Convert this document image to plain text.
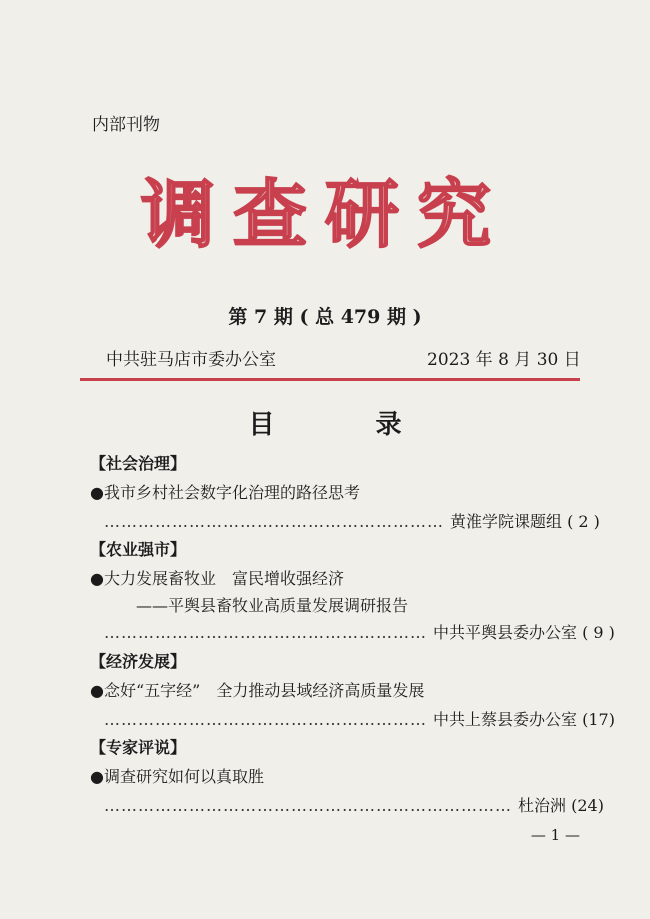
内部刊物
调查研究
第 7 期 ( 总 479 期 )
中共驻马店市委办公室	2023 年 8 月 30 日
目 录
【社会治理】
●我市乡村社会数字化治理的路径思考
…………………………………………………… 黄淮学院课题组 ( 2 )
【农业强市】
●大力发展畜牧业　富民增收强经济
——平舆县畜牧业高质量发展调研报告
………………………………………………… 中共平舆县委办公室 ( 9 )
【经济发展】
●念好“五字经”　全力推动县域经济高质量发展
………………………………………………… 中共上蔡县委办公室 (17)
【专家评说】
●调查研究如何以真取胜
……………………………………………………………… 杜治洲 (24)
— 1 —
